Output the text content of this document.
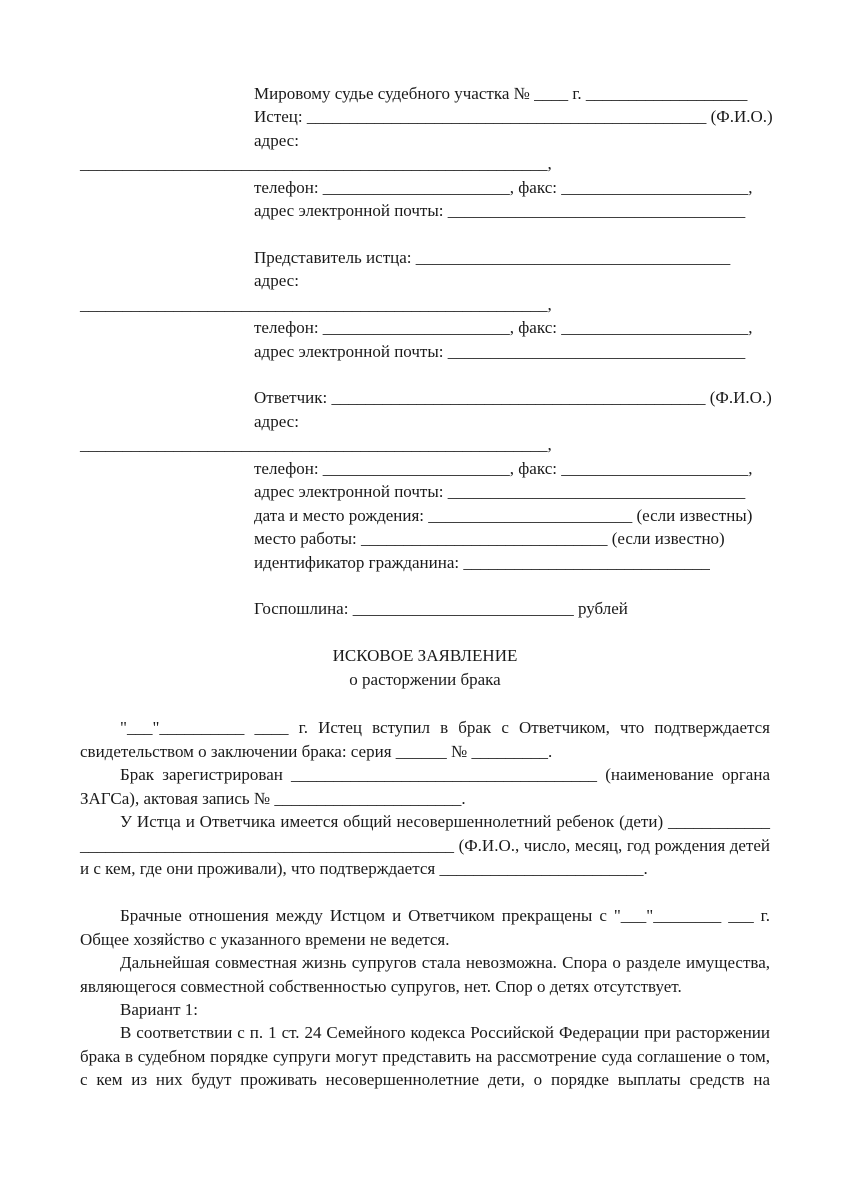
Мировому судье судебного участка № ____ г. ___________________
Истец: _______________________________________________ (Ф.И.О.)
адрес:
_______________________________________________________,
телефон: ______________________, факс: ______________________,
адрес электронной почты: ___________________________________
Представитель истца: _____________________________________
адрес:
_______________________________________________________,
телефон: ______________________, факс: ______________________,
адрес электронной почты: ___________________________________
Ответчик: ____________________________________________ (Ф.И.О.)
адрес:
_______________________________________________________,
телефон: ______________________, факс: ______________________,
адрес электронной почты: ___________________________________
дата и место рождения: ________________________ (если известны)
место работы: _____________________________ (если известно)
идентификатор гражданина: _____________________________
Госпошлина: __________________________ рублей
ИСКОВОЕ ЗАЯВЛЕНИЕ
о расторжении брака
"___"__________ ____ г. Истец вступил в брак с Ответчиком, что подтверждается свидетельством о заключении брака: серия ______ № _________.
Брак зарегистрирован ____________________________________ (наименование органа ЗАГСа), актовая запись № ______________________.
У Истца и Ответчика имеется общий несовершеннолетний ребенок (дети) ____________ ____________________________________________ (Ф.И.О., число, месяц, год рождения детей и с кем, где они проживали), что подтверждается ________________________.
Брачные отношения между Истцом и Ответчиком прекращены с "___"________ ___ г. Общее хозяйство с указанного времени не ведется.
Дальнейшая совместная жизнь супругов стала невозможна. Спора о разделе имущества, являющегося совместной собственностью супругов, нет. Спор о детях отсутствует.
Вариант 1:
В соответствии с п. 1 ст. 24 Семейного кодекса Российской Федерации при расторжении брака в судебном порядке супруги могут представить на рассмотрение суда соглашение о том, с кем из них будут проживать несовершеннолетние дети, о порядке выплаты средств на
